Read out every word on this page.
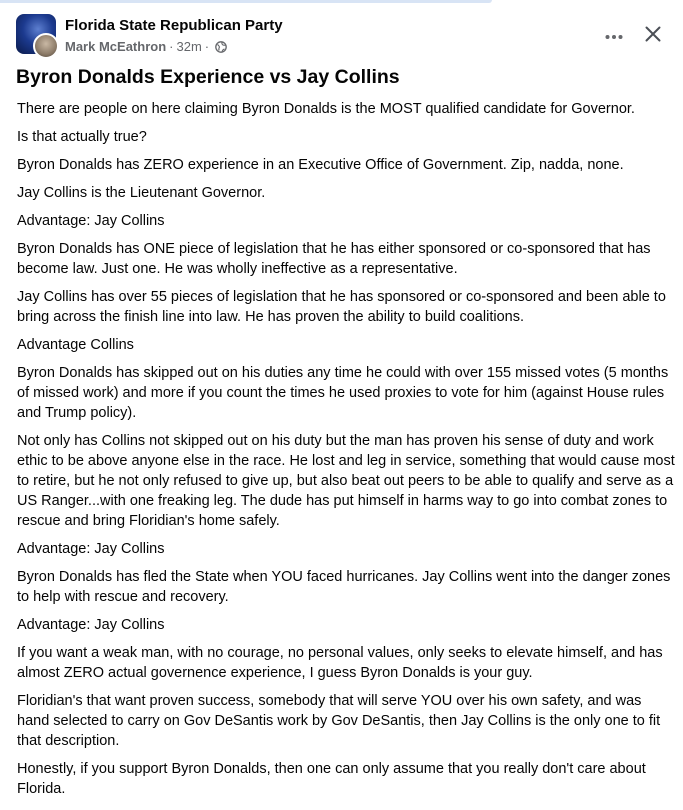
Florida State Republican Party
Mark McEathron · 32m ·
Byron Donalds Experience vs Jay Collins

There are people on here claiming Byron Donalds is the MOST qualified candidate for Governor.

Is that actually true?

Byron Donalds has ZERO experience in an Executive Office of Government. Zip, nadda, none.

Jay Collins is the Lieutenant Governor.

Advantage: Jay Collins

Byron Donalds has ONE piece of legislation that he has either sponsored or co-sponsored that has become law. Just one. He was wholly ineffective as a representative.

Jay Collins has over 55 pieces of legislation that he has sponsored or co-sponsored and been able to bring across the finish line into law. He has proven the ability to build coalitions.

Advantage Collins

Byron Donalds has skipped out on his duties any time he could with over 155 missed votes (5 months of missed work) and more if you count the times he used proxies to vote for him (against House rules and Trump policy).

Not only has Collins not skipped out on his duty but the man has proven his sense of duty and work ethic to be above anyone else in the race. He lost and leg in service, something that would cause most to retire, but he not only refused to give up, but also beat out peers to be able to qualify and serve as a US Ranger...with one freaking leg. The dude has put himself in harms way to go into combat zones to rescue and bring Floridian's home safely.

Advantage: Jay Collins

Byron Donalds has fled the State when YOU faced hurricanes. Jay Collins went into the danger zones to help with rescue and recovery.

Advantage: Jay Collins

If you want a weak man, with no courage, no personal values, only seeks to elevate himself, and has almost ZERO actual governence experience, I guess Byron Donalds is your guy.

Floridian's that want proven success, somebody that will serve YOU over his own safety, and was hand selected to carry on Gov DeSantis work by Gov DeSantis, then Jay Collins is the only one to fit that description.

Honestly, if you support Byron Donalds, then one can only assume that you really don't care about Florida.
